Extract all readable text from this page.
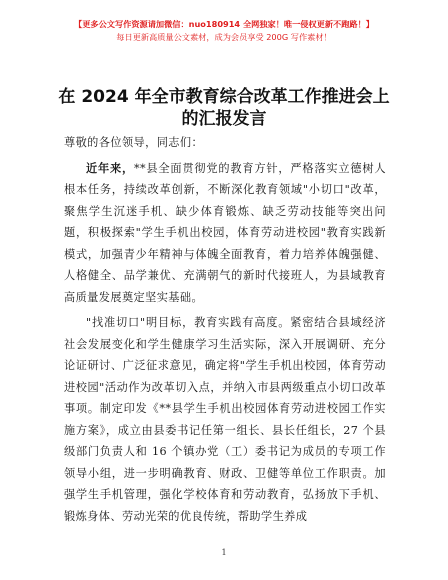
【更多公文写作资源请加微信：nuo180914 全网独家！唯一侵权更新不跑路！】
每日更新高质量公文素材，成为会员享受 200G 写作素材！
在 2024 年全市教育综合改革工作推进会上的汇报发言

尊敬的各位领导，同志们：

近年来，**县全面贯彻党的教育方针，严格落实立德树人根本任务，持续改革创新，不断深化教育领域"小切口"改革，聚焦学生沉迷手机、缺少体育锻炼、缺乏劳动技能等突出问题，积极探索"学生手机出校园，体育劳动进校园"教育实践新模式，加强青少年精神与体魄全面教育，着力培养体魄强健、人格健全、品学兼优、充满朝气的新时代接班人，为县域教育高质量发展奠定坚实基础。

"找准切口"明目标，教育实践有高度。紧密结合县域经济社会发展变化和学生健康学习生活实际，深入开展调研、充分论证研讨、广泛征求意见，确定将"学生手机出校园，体育劳动进校园"活动作为改革切入点，并纳入市县两级重点小切口改革事项。制定印发《**县学生手机出校园体育劳动进校园工作实施方案》，成立由县委书记任第一组长、县长任组长，27 个县级部门负责人和 16 个镇办党（工）委书记为成员的专项工作领导小组，进一步明确教育、财政、卫健等单位工作职责。加强学生手机管理，强化学校体育和劳动教育，弘扬放下手机、锻炼身体、劳动光荣的优良传统，帮助学生养成

1
